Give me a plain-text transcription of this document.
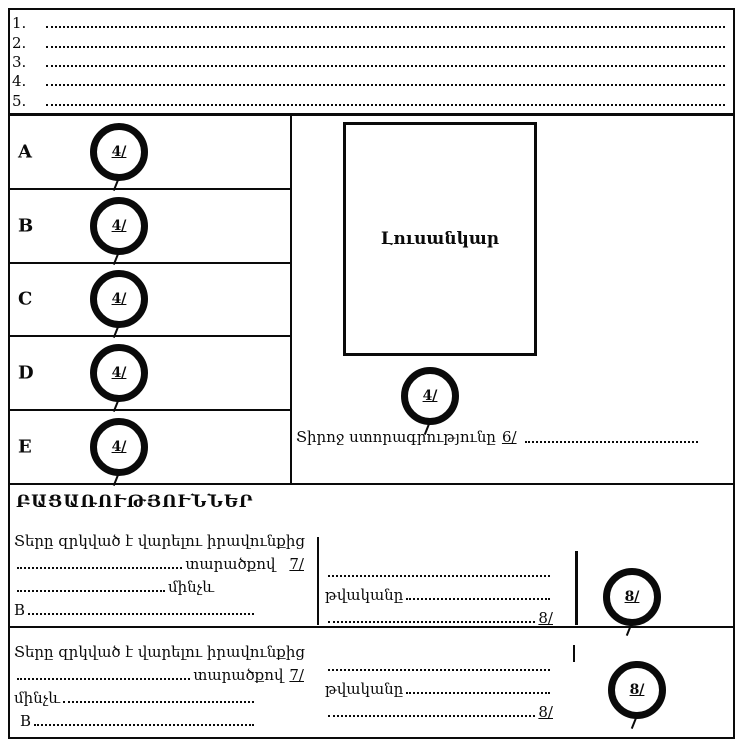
1.
2.
3.
4.
5.
A	4/
B	4/
C	4/
D	4/
E	4/
Լուսանկար
4/
Տիրոջ ստորագրությունը 6/
ԲԱՑԱՌՈՒԹՅՈՒՆՆԵՐ
Տերը զրկված է վարելու իրավունքից
տարածքով 7/
մինչև
B
թվականը
8/
8/
Տերը զրկված է վարելու իրավունքից
տարածքով 7/
մինչև
B
թվականը
8/
8/
